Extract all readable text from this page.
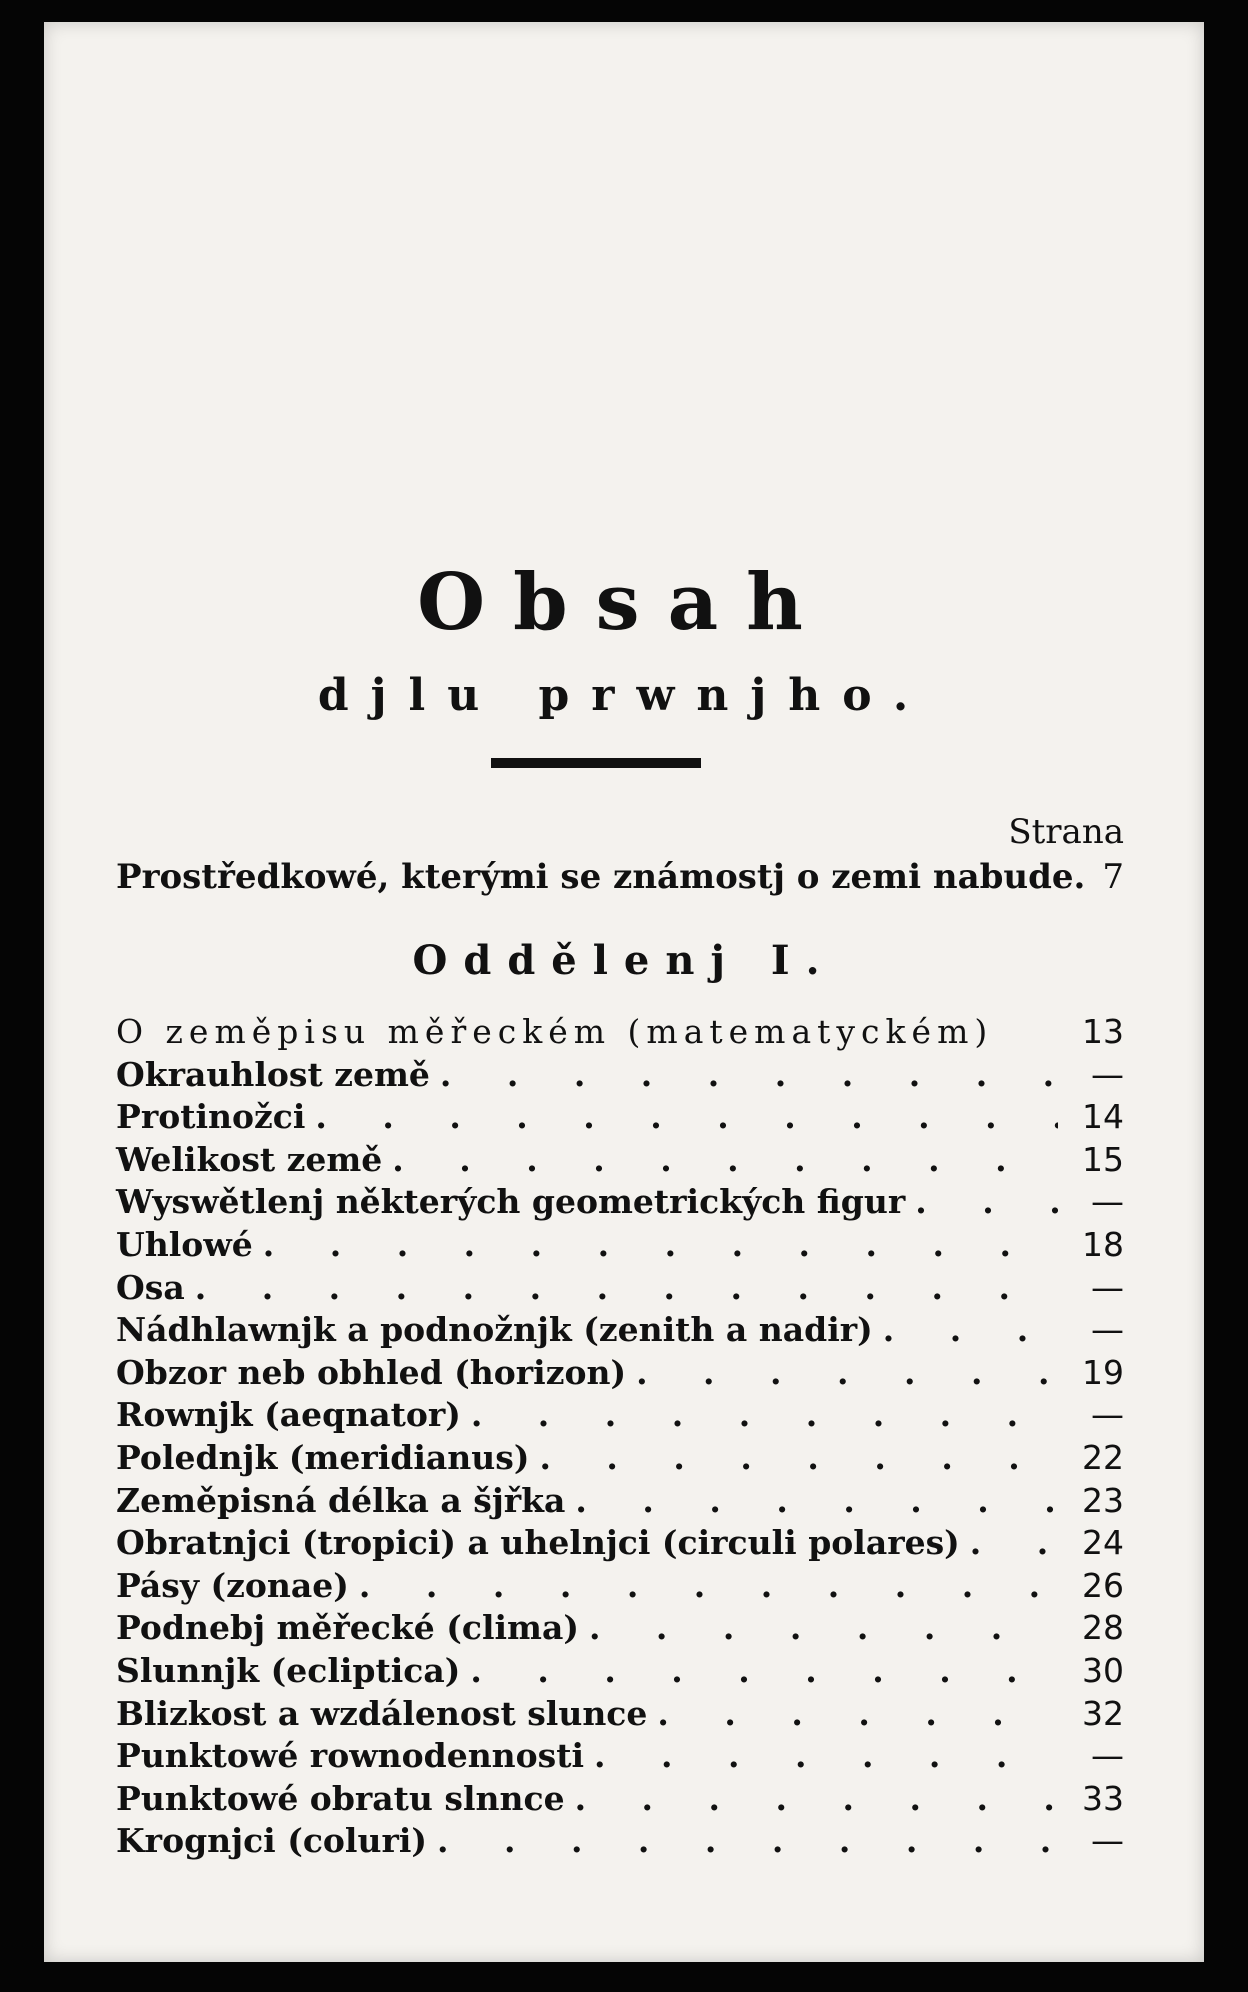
Obsah
djlu prwnjho.
Strana
Prostředkowé, kterými se známostj o zemi nabude. 7
Oddělenj I.
O zeměpisu měřeckém (matematyckém)	13
Okrauhlost země . . .	—
Protinožci . . .	14
Welikost země . . .	15
Wyswětlenj některých geometrických figur . . .	—
Uhlowé . . .	18
Osa . . .	—
Nádhlawnjk a podnožnjk (zenith a nadir) . . .	—
Obzor neb obhled (horizon) . . .	19
Rownjk (aeqnator) . . .	—
Polednjk (meridianus) . . .	22
Zeměpisná délka a šjřka . . .	23
Obratnjci (tropici) a uhelnjci (circuli polares) . . .	24
Pásy (zonae) . . .	26
Podnebj měřecké (clima) . . .	28
Slunnjk (ecliptica) . . .	30
Blizkost a wzdálenost slunce . . .	32
Punktowé rownodennosti . . .	—
Punktowé obratu slnnce . . .	33
Krognjci (coluri) . . .	—
